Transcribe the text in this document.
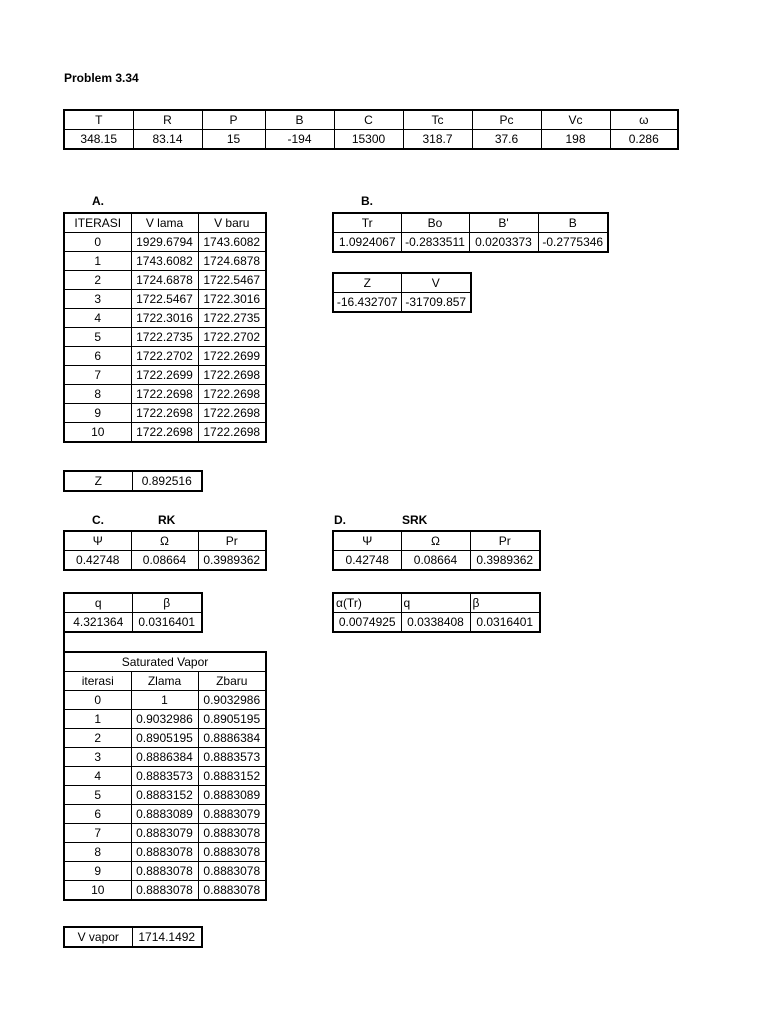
Problem 3.34
T	R	P	B	C	Tc	Pc	Vc	ω
348.15	83.14	15	-194	15300	318.7	37.6	198	0.286
A.
ITERASI	V lama	V baru
0	1929.6794	1743.6082
1	1743.6082	1724.6878
2	1724.6878	1722.5467
3	1722.5467	1722.3016
4	1722.3016	1722.2735
5	1722.2735	1722.2702
6	1722.2702	1722.2699
7	1722.2699	1722.2698
8	1722.2698	1722.2698
9	1722.2698	1722.2698
10	1722.2698	1722.2698
Z	0.892516
B.
Tr	Bo	B'	B
1.0924067	-0.2833511	0.0203373	-0.2775346
Z	V
-16.432707	-31709.857
C.	RK
Ψ	Ω	Pr
0.42748	0.08664	0.3989362
q	β
4.321364	0.0316401
Saturated Vapor		
iterasi	Zlama	Zbaru
0	1	0.9032986
1	0.9032986	0.8905195
2	0.8905195	0.8886384
3	0.8886384	0.8883573
4	0.8883573	0.8883152
5	0.8883152	0.8883089
6	0.8883089	0.8883079
7	0.8883079	0.8883078
8	0.8883078	0.8883078
9	0.8883078	0.8883078
10	0.8883078	0.8883078
V vapor	1714.1492
D.	SRK
Ψ	Ω	Pr
0.42748	0.08664	0.3989362
α(Tr)	q	β
0.0074925	0.0338408	0.0316401
